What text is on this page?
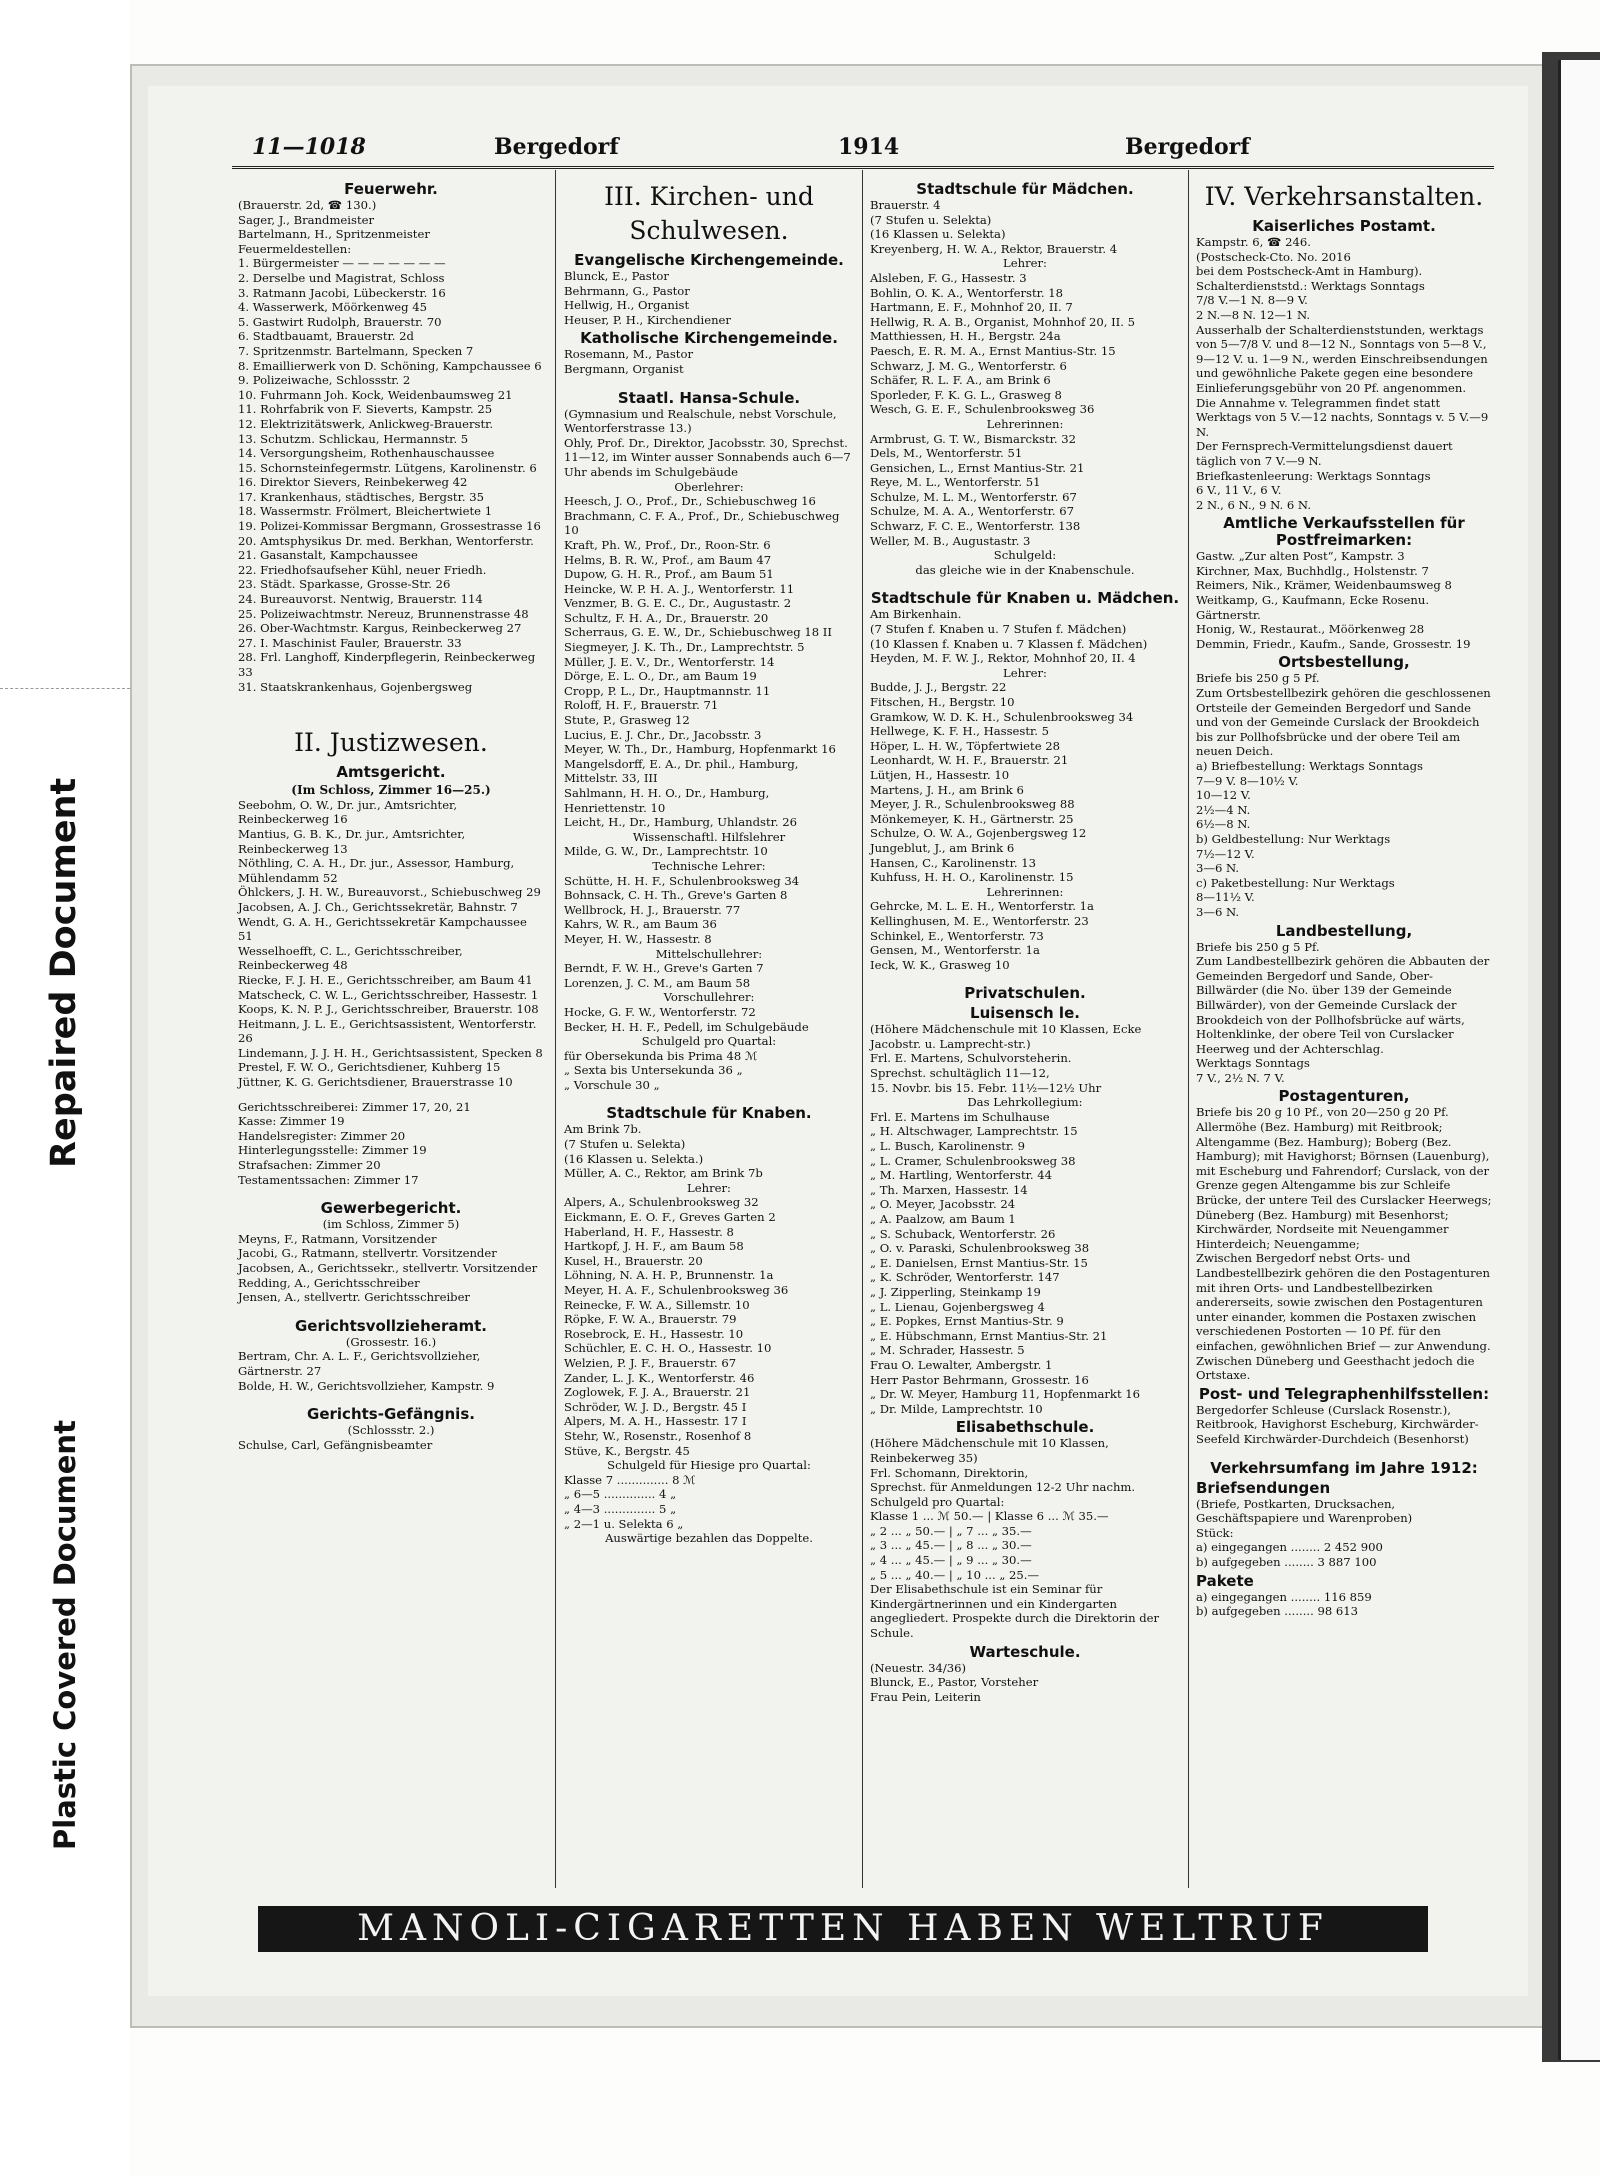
Repaired Document
Plastic Covered Document
11—1018	Bergedorf	1914	Bergedorf
Feuerwehr.

(Brauerstr. 2d, ☎ 130.)

Sager, J., Brandmeister

Bartelmann, H., Spritzenmeister

Feuermeldestellen:

1. Bürgermeister — — — — — — —

2. Derselbe und Magistrat, Schloss

3. Ratmann Jacobi, Lübeckerstr. 16

4. Wasserwerk, Möörkenweg 45

5. Gastwirt Rudolph, Brauerstr. 70

6. Stadtbauamt, Brauerstr. 2d

7. Spritzenmstr. Bartelmann, Specken 7

8. Emaillierwerk von D. Schöning, Kampchaussee 6

9. Polizeiwache, Schlossstr. 2

10. Fuhrmann Joh. Kock, Weidenbaumsweg 21

11. Rohrfabrik von F. Sieverts, Kampstr. 25

12. Elektrizitätswerk, Anlickweg-Brauerstr.

13. Schutzm. Schlickau, Hermannstr. 5

14. Versorgungsheim, Rothenhauschaussee

15. Schornsteinfegermstr. Lütgens, Karolinenstr. 6

16. Direktor Sievers, Reinbekerweg 42

17. Krankenhaus, städtisches, Bergstr. 35

18. Wassermstr. Frölmert, Bleichertwiete 1

19. Polizei-Kommissar Bergmann, Grossestrasse 16

20. Amtsphysikus Dr. med. Berkhan, Wentorferstr.

21. Gasanstalt, Kampchaussee

22. Friedhofsaufseher Kühl, neuer Friedh.

23. Städt. Sparkasse, Grosse-Str. 26

24. Bureauvorst. Nentwig, Brauerstr. 114

25. Polizeiwachtmstr. Nereuz, Brunnenstrasse 48

26. Ober-Wachtmstr. Kargus, Reinbeckerweg 27

27. I. Maschinist Fauler, Brauerstr. 33

28. Frl. Langhoff, Kinderpflegerin, Reinbeckerweg 33

31. Staatskrankenhaus, Gojenbergsweg

II. Justizwesen.
Amtsgericht.
(Im Schloss, Zimmer 16—25.)

Seebohm, O. W., Dr. jur., Amtsrichter, Reinbeckerweg 16

Mantius, G. B. K., Dr. jur., Amtsrichter, Reinbeckerweg 13

Nöthling, C. A. H., Dr. jur., Assessor, Hamburg, Mühlendamm 52

Öhlckers, J. H. W., Bureauvorst., Schiebuschweg 29

Jacobsen, A. J. Ch., Gerichtssekretär, Bahnstr. 7

Wendt, G. A. H., Gerichtssekretär Kampchaussee 51

Wesselhoefft, C. L., Gerichtsschreiber, Reinbeckerweg 48

Riecke, F. J. H. E., Gerichtsschreiber, am Baum 41

Matscheck, C. W. L., Gerichtsschreiber, Hassestr. 1

Koops, K. N. P. J., Gerichtsschreiber, Brauerstr. 108

Heitmann, J. L. E., Gerichtsassistent, Wentorferstr. 26

Lindemann, J. J. H. H., Gerichtsassistent, Specken 8

Prestel, F. W. O., Gerichtsdiener, Kuhberg 15

Jüttner, K. G. Gerichtsdiener, Brauerstrasse 10

Gerichtsschreiberei: Zimmer 17, 20, 21

Kasse: Zimmer 19

Handelsregister: Zimmer 20

Hinterlegungsstelle: Zimmer 19

Strafsachen: Zimmer 20

Testamentssachen: Zimmer 17

Gewerbegericht.
(im Schloss, Zimmer 5)

Meyns, F., Ratmann, Vorsitzender

Jacobi, G., Ratmann, stellvertr. Vorsitzender

Jacobsen, A., Gerichtssekr., stellvertr. Vorsitzender

Redding, A., Gerichtsschreiber

Jensen, A., stellvertr. Gerichtsschreiber

Gerichtsvollzieheramt.
(Grossestr. 16.)

Bertram, Chr. A. L. F., Gerichtsvollzieher, Gärtnerstr. 27

Bolde, H. W., Gerichtsvollzieher, Kampstr. 9

Gerichts-Gefängnis.
(Schlossstr. 2.)

Schulse, Carl, Gefängnisbeamter

III. Kirchen- und Schulwesen.
Evangelische Kirchengemeinde.

Blunck, E., Pastor

Behrmann, G., Pastor

Hellwig, H., Organist

Heuser, P. H., Kirchendiener

Katholische Kirchengemeinde.

Rosemann, M., Pastor

Bergmann, Organist

Staatl. Hansa-Schule.

(Gymnasium und Realschule, nebst Vorschule, Wentorferstrasse 13.)

Ohly, Prof. Dr., Direktor, Jacobsstr. 30, Sprechst. 11—12, im Winter ausser Sonnabends auch 6—7 Uhr abends im Schulgebäude

Oberlehrer:

Heesch, J. O., Prof., Dr., Schiebuschweg 16

Brachmann, C. F. A., Prof., Dr., Schiebuschweg 10

Kraft, Ph. W., Prof., Dr., Roon-Str. 6

Helms, B. R. W., Prof., am Baum 47

Dupow, G. H. R., Prof., am Baum 51

Heincke, W. P. H. A. J., Wentorferstr. 11

Venzmer, B. G. E. C., Dr., Augustastr. 2

Schultz, F. H. A., Dr., Brauerstr. 20

Scherraus, G. E. W., Dr., Schiebuschweg 18 II

Siegmeyer, J. K. Th., Dr., Lamprechtstr. 5

Müller, J. E. V., Dr., Wentorferstr. 14

Dörge, E. L. O., Dr., am Baum 19

Cropp, P. L., Dr., Hauptmannstr. 11

Roloff, H. F., Brauerstr. 71

Stute, P., Grasweg 12

Lucius, E. J. Chr., Dr., Jacobsstr. 3

Meyer, W. Th., Dr., Hamburg, Hopfenmarkt 16

Mangelsdorff, E. A., Dr. phil., Hamburg, Mittelstr. 33, III

Sahlmann, H. H. O., Dr., Hamburg, Henriettenstr. 10

Leicht, H., Dr., Hamburg, Uhlandstr. 26

Wissenschaftl. Hilfslehrer

Milde, G. W., Dr., Lamprechtstr. 10

Technische Lehrer:

Schütte, H. H. F., Schulenbrooksweg 34

Bohnsack, C. H. Th., Greve's Garten 8

Wellbrock, H. J., Brauerstr. 77

Kahrs, W. R., am Baum 36

Meyer, H. W., Hassestr. 8

Mittelschullehrer:

Berndt, F. W. H., Greve's Garten 7

Lorenzen, J. C. M., am Baum 58

Vorschullehrer:

Hocke, G. F. W., Wentorferstr. 72

Becker, H. H. F., Pedell, im Schulgebäude

Schulgeld pro Quartal:

für Obersekunda bis Prima 48 ℳ

„ Sexta bis Untersekunda 36 „

„ Vorschule 30 „

Stadtschule für Knaben.

Am Brink 7b.

(7 Stufen u. Selekta)

(16 Klassen u. Selekta.)

Müller, A. C., Rektor, am Brink 7b

Lehrer:

Alpers, A., Schulenbrooksweg 32

Eickmann, E. O. F., Greves Garten 2

Haberland, H. F., Hassestr. 8

Hartkopf, J. H. F., am Baum 58

Kusel, H., Brauerstr. 20

Löhning, N. A. H. P., Brunnenstr. 1a

Meyer, H. A. F., Schulenbrooksweg 36

Reinecke, F. W. A., Sillemstr. 10

Röpke, F. W. A., Brauerstr. 79

Rosebrock, E. H., Hassestr. 10

Schüchler, E. C. H. O., Hassestr. 10

Welzien, P. J. F., Brauerstr. 67

Zander, L. J. K., Wentorferstr. 46

Zoglowek, F. J. A., Brauerstr. 21

Schröder, W. J. D., Bergstr. 45 I

Alpers, M. A. H., Hassestr. 17 I

Stehr, W., Rosenstr., Rosenhof 8

Stüve, K., Bergstr. 45

Schulgeld für Hiesige pro Quartal:

Klasse 7 .............. 8 ℳ

„ 6—5 .............. 4 „

„ 4—3 .............. 5 „

„ 2—1 u. Selekta 6 „

Auswärtige bezahlen das Doppelte.
Stadtschule für Mädchen.

Brauerstr. 4

(7 Stufen u. Selekta)

(16 Klassen u. Selekta)

Kreyenberg, H. W. A., Rektor, Brauerstr. 4

Lehrer:

Alsleben, F. G., Hassestr. 3

Bohlin, O. K. A., Wentorferstr. 18

Hartmann, E. F., Mohnhof 20, II. 7

Hellwig, R. A. B., Organist, Mohnhof 20, II. 5

Matthiessen, H. H., Bergstr. 24a

Paesch, E. R. M. A., Ernst Mantius-Str. 15

Schwarz, J. M. G., Wentorferstr. 6

Schäfer, R. L. F. A., am Brink 6

Sporleder, F. K. G. L., Grasweg 8

Wesch, G. E. F., Schulenbrooksweg 36

Lehrerinnen:

Armbrust, G. T. W., Bismarckstr. 32

Dels, M., Wentorferstr. 51

Gensichen, L., Ernst Mantius-Str. 21

Reye, M. L., Wentorferstr. 51

Schulze, M. L. M., Wentorferstr. 67

Schulze, M. A. A., Wentorferstr. 67

Schwarz, F. C. E., Wentorferstr. 138

Weller, M. B., Augustastr. 3

Schulgeld:
das gleiche wie in der Knabenschule.
Stadtschule für Knaben u. Mädchen.

Am Birkenhain.

(7 Stufen f. Knaben u. 7 Stufen f. Mädchen)

(10 Klassen f. Knaben u. 7 Klassen f. Mädchen)

Heyden, M. F. W. J., Rektor, Mohnhof 20, II. 4

Lehrer:

Budde, J. J., Bergstr. 22

Fitschen, H., Bergstr. 10

Gramkow, W. D. K. H., Schulenbrooksweg 34

Hellwege, K. F. H., Hassestr. 5

Höper, L. H. W., Töpfertwiete 28

Leonhardt, W. H. F., Brauerstr. 21

Lütjen, H., Hassestr. 10

Martens, J. H., am Brink 6

Meyer, J. R., Schulenbrooksweg 88

Mönkemeyer, K. H., Gärtnerstr. 25

Schulze, O. W. A., Gojenbergsweg 12

Jungeblut, J., am Brink 6

Hansen, C., Karolinenstr. 13

Kuhfuss, H. H. O., Karolinenstr. 15

Lehrerinnen:

Gehrcke, M. L. E. H., Wentorferstr. 1a

Kellinghusen, M. E., Wentorferstr. 23

Schinkel, E., Wentorferstr. 73

Gensen, M., Wentorferstr. 1a

Ieck, W. K., Grasweg 10

Privatschulen.
Luisensch le.

(Höhere Mädchenschule mit 10 Klassen, Ecke Jacobstr. u. Lamprecht-str.)

Frl. E. Martens, Schulvorsteherin.

Sprechst. schultäglich 11—12,

15. Novbr. bis 15. Febr. 11½—12½ Uhr

Das Lehrkollegium:

Frl. E. Martens im Schulhause

„ H. Altschwager, Lamprechtstr. 15

„ L. Busch, Karolinenstr. 9

„ L. Cramer, Schulenbrooksweg 38

„ M. Hartling, Wentorferstr. 44

„ Th. Marxen, Hassestr. 14

„ O. Meyer, Jacobsstr. 24

„ A. Paalzow, am Baum 1

„ S. Schuback, Wentorferstr. 26

„ O. v. Paraski, Schulenbrooksweg 38

„ E. Danielsen, Ernst Mantius-Str. 15

„ K. Schröder, Wentorferstr. 147

„ J. Zipperling, Steinkamp 19

„ L. Lienau, Gojenbergsweg 4

„ E. Popkes, Ernst Mantius-Str. 9

„ E. Hübschmann, Ernst Mantius-Str. 21

„ M. Schrader, Hassestr. 5

Frau O. Lewalter, Ambergstr. 1

Herr Pastor Behrmann, Grossestr. 16

„ Dr. W. Meyer, Hamburg 11, Hopfenmarkt 16

„ Dr. Milde, Lamprechtstr. 10

Elisabethschule.

(Höhere Mädchenschule mit 10 Klassen, Reinbekerweg 35)

Frl. Schomann, Direktorin,

Sprechst. für Anmeldungen 12-2 Uhr nachm.

Schulgeld pro Quartal:

Klasse 1 ... ℳ 50.— | Klasse 6 ... ℳ 35.—

„ 2 ... „ 50.— | „ 7 ... „ 35.—

„ 3 ... „ 45.— | „ 8 ... „ 30.—

„ 4 ... „ 45.— | „ 9 ... „ 30.—

„ 5 ... „ 40.— | „ 10 ... „ 25.—

Der Elisabethschule ist ein Seminar für Kindergärtnerinnen und ein Kindergarten angegliedert. Prospekte durch die Direktorin der Schule.

Warteschule.

(Neuestr. 34/36)

Blunck, E., Pastor, Vorsteher

Frau Pein, Leiterin

IV. Verkehrsanstalten.
Kaiserliches Postamt.

Kampstr. 6, ☎ 246.

(Postscheck-Cto. No. 2016

bei dem Postscheck-Amt in Hamburg).

Schalterdienststd.: Werktags Sonntags

7/8 V.—1 N. 8—9 V.

2 N.—8 N. 12—1 N.

Ausserhalb der Schalterdienststunden, werktags von 5—7/8 V. und 8—12 N., Sonntags von 5—8 V., 9—12 V. u. 1—9 N., werden Einschreibsendungen und gewöhnliche Pakete gegen eine besondere Einlieferungsgebühr von 20 Pf. angenommen.

Die Annahme v. Telegrammen findet statt Werktags von 5 V.—12 nachts, Sonntags v. 5 V.—9 N.

Der Fernsprech-Vermittelungsdienst dauert täglich von 7 V.—9 N.

Briefkastenleerung: Werktags Sonntags

6 V., 11 V., 6 V.

2 N., 6 N., 9 N. 6 N.

Amtliche Verkaufsstellen für Postfreimarken:

Gastw. „Zur alten Post“, Kampstr. 3

Kirchner, Max, Buchhdlg., Holstenstr. 7

Reimers, Nik., Krämer, Weidenbaumsweg 8

Weitkamp, G., Kaufmann, Ecke Rosenu. Gärtnerstr.

Honig, W., Restaurat., Möörkenweg 28

Demmin, Friedr., Kaufm., Sande, Grossestr. 19

Ortsbestellung,

Briefe bis 250 g 5 Pf.

Zum Ortsbestellbezirk gehören die geschlossenen Ortsteile der Gemeinden Bergedorf und Sande und von der Gemeinde Curslack der Brookdeich bis zur Pollhofsbrücke und der obere Teil am neuen Deich.

a) Briefbestellung: Werktags Sonntags

7—9 V. 8—10½ V.

10—12 V.

2½—4 N.

6½—8 N.

b) Geldbestellung: Nur Werktags

7½—12 V.

3—6 N.

c) Paketbestellung: Nur Werktags

8—11½ V.

3—6 N.

Landbestellung,

Briefe bis 250 g 5 Pf.

Zum Landbestellbezirk gehören die Abbauten der Gemeinden Bergedorf und Sande, Ober-Billwärder (die No. über 139 der Gemeinde Billwärder), von der Gemeinde Curslack der Brookdeich von der Pollhofsbrücke auf wärts, Holtenklinke, der obere Teil von Curslacker Heerweg und der Achterschlag.

Werktags Sonntags

7 V., 2½ N. 7 V.

Postagenturen,

Briefe bis 20 g 10 Pf., von 20—250 g 20 Pf.

Allermöhe (Bez. Hamburg) mit Reitbrook; Altengamme (Bez. Hamburg); Boberg (Bez. Hamburg); mit Havighorst; Börnsen (Lauenburg), mit Escheburg und Fahrendorf; Curslack, von der Grenze gegen Altengamme bis zur Schleife Brücke, der untere Teil des Curslacker Heerwegs; Düneberg (Bez. Hamburg) mit Besenhorst; Kirchwärder, Nordseite mit Neuengammer Hinterdeich; Neuengamme;

Zwischen Bergedorf nebst Orts- und Landbestellbezirk gehören die den Postagenturen mit ihren Orts- und Landbestellbezirken andererseits, sowie zwischen den Postagenturen unter einander, kommen die Postaxen zwischen verschiedenen Postorten — 10 Pf. für den einfachen, gewöhnlichen Brief — zur Anwendung. Zwischen Düneberg und Geesthacht jedoch die Ortstaxe.

Post- und Telegraphenhilfsstellen:

Bergedorfer Schleuse (Curslack Rosenstr.), Reitbrook, Havighorst Escheburg, Kirchwärder-Seefeld Kirchwärder-Durchdeich (Besenhorst)

Verkehrsumfang im Jahre 1912:
Briefsendungen

(Briefe, Postkarten, Drucksachen, Geschäftspapiere und Warenproben)

Stück:

a) eingegangen ........ 2 452 900

b) aufgegeben ........ 3 887 100

Pakete

a) eingegangen ........ 116 859

b) aufgegeben ........ 98 613

MANOLI-CIGARETTEN HABEN WELTRUF
